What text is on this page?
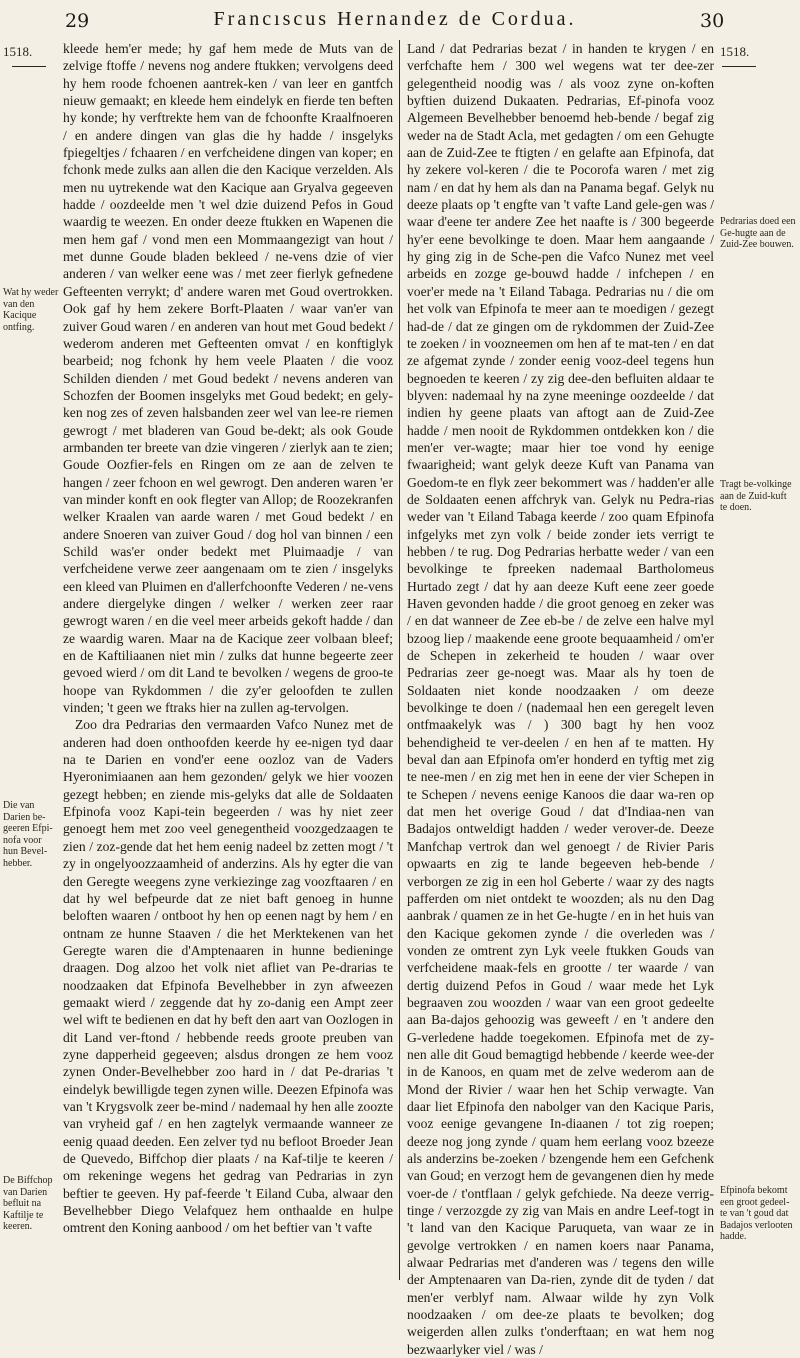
29	Francıscus Hernandez de Cordua.	30
1518.
Wat hy weder van den Kacique ontfing.
Die van Darien be-geeren Efpi-nofa voor hun Bevel-hebber.
De Biffchop van Darien befluit na Kaftilje te keeren.
1518.
Pedrarias doed een Ge-hugte aan de Zuid-Zee bouwen.
Tragt be-volkinge aan de Zuid-kuft te doen.
Efpinofa bekomt een groot gedeel-te van 't goud dat Badajos verlooten hadde.

kleede hem'er mede; hy gaf hem mede de Muts van de zelvige ftoffe / nevens nog andere ftukken; vervolgens deed hy hem roode fchoenen aantrek-ken / van leer en gantfch nieuw gemaakt; en kleede hem eindelyk en fierde ten beften hy konde; hy verftrekte hem van de fchoonfte Kraalfnoeren / en andere dingen van glas die hy hadde / insgelyks fpiegeltjes / fchaaren / en verfcheidene dingen van koper; en fchonk mede zulks aan allen die den Kacique verzelden. Als men nu uytrekende wat den Kacique aan Gryalva gegeeven hadde / oozdeelde men 't wel dzie duizend Pefos in Goud waardig te weezen. En onder deeze ftukken en Wapenen die men hem gaf / vond men een Mommaangezigt van hout / met dunne Goude bladen bekleed / ne-vens dzie of vier anderen / van welker eene was / met zeer fierlyk gefnedene Gefteenten verrykt; d' andere waren met Goud overtrokken. Ook gaf hy hem zekere Borft-Plaaten / waar van'er van zuiver Goud waren / en anderen van hout met Goud bedekt / wederom anderen met Gefteenten omvat / en konftiglyk bearbeid; nog fchonk hy hem veele Plaaten / die vooz Schilden dienden / met Goud bedekt / nevens anderen van Schozfen der Boomen insgelyks met Goud bedekt; en gely-ken nog zes of zeven halsbanden zeer wel van lee-re riemen gewrogt / met bladeren van Goud be-dekt; als ook Goude armbanden ter breete van dzie vingeren / zierlyk aan te zien; Goude Oozfier-fels en Ringen om ze aan de zelven te hangen / zeer fchoon en wel gewrogt. Den anderen waren 'er van minder konft en ook flegter van Allop; de Roozekranfen welker Kraalen van aarde waren / met Goud bedekt / en andere Snoeren van zuiver Goud / dog hol van binnen / een Schild was'er onder bedekt met Pluimaadje / van verfcheidene verwe zeer aangenaam om te zien / insgelyks een kleed van Pluimen en d'allerfchoonfte Vederen / ne-vens andere diergelyke dingen / welker / werken zeer raar gewrogt waren / en die veel meer arbeids gekoft hadde / dan ze waardig waren. Maar na de Kacique zeer volbaan bleef; en de Kaftiliaanen niet min / zulks dat hunne begeerte zeer gevoed wierd / om dit Land te bevolken / wegens de groo-te hoope van Rykdommen / die zy'er geloofden te zullen vinden; 't geen we ftraks hier na zullen ag-tervolgen.

Zoo dra Pedrarias den vermaarden Vafco Nunez met de anderen had doen onthoofden keerde hy ee-nigen tyd daar na te Darien en vond'er eene oozloz van de Vaders Hyeronimiaanen aan hem gezonden/ gelyk we hier voozen gezegt hebben; en ziende mis-gelyks dat alle de Soldaaten Efpinofa vooz Kapi-tein begeerden / was hy niet zeer genoegt hem met zoo veel genegentheid voozgedzaagen te zien / zoz-gende dat het hem eenig nadeel bz zetten mogt / 't zy in ongelyoozzaamheid of anderzins. Als hy egter die van den Geregte weegens zyne verkiezinge zag voozftaaren / en dat hy wel befpeurde dat ze niet baft genoeg in hunne beloften waaren / ontboot hy hen op eenen nagt by hem / en ontnam ze hunne Staaven / die het Merktekenen van het Geregte waren die d'Amptenaaren in hunne bedieninge draagen. Dog alzoo het volk niet afliet van Pe-drarias te noodzaaken dat Efpinofa Bevelhebber in zyn afweezen gemaakt wierd / zeggende dat hy zo-danig een Ampt zeer wel wift te bedienen en dat hy beft den aart van Oozlogen in dit Land ver-ftond / hebbende reeds groote preuben van zyne dapperheid gegeeven; alsdus drongen ze hem vooz zynen Onder-Bevelhebber zoo hard in / dat Pe-drarias 't eindelyk bewilligde tegen zynen wille. Deezen Efpinofa was van 't Krygsvolk zeer be-mind / nademaal hy hen alle zoozte van vryheid gaf / en hen zagtelyk vermaande wanneer ze eenig quaad deeden. Een zelver tyd nu befloot Broeder Jean de Quevedo, Biffchop dier plaats / na Kaf-tilje te keeren / om rekeninge wegens het gedrag van Pedrarias in zyn beftier te geeven. Hy paf-feerde 't Eiland Cuba, alwaar den Bevelhebber Diego Velafquez hem onthaalde en hulpe omtrent den Koning aanbood / om het beftier van 't vafte

Land / dat Pedrarias bezat / in handen te krygen / en verfchafte hem / 300 wel wegens wat ter dee-zer gelegentheid noodig was / als vooz zyne on-koften byftien duizend Dukaaten. Pedrarias, Ef-pinofa vooz Algemeen Bevelhebber benoemd heb-bende / begaf zig weder na de Stadt Acla, met gedagten / om een Gehugte aan de Zuid-Zee te ftigten / en gelafte aan Efpinofa, dat hy zekere vol-keren / die te Pocorofa waren / met zig nam / en dat hy hem als dan na Panama begaf. Gelyk nu deeze plaats op 't engfte van 't vafte Land gele-gen was / waar d'eene ter andere Zee het naafte is / 300 begeerde hy'er eene bevolkinge te doen. Maar hem aangaande / hy ging zig in de Sche-pen die Vafco Nunez met veel arbeids en zozge ge-bouwd hadde / infchepen / en voer'er mede na 't Eiland Tabaga. Pedrarias nu / die om het volk van Efpinofa te meer aan te moedigen / gezegt had-de / dat ze gingen om de rykdommen der Zuid-Zee te zoeken / in voozneemen om hen af te mat-ten / en dat ze afgemat zynde / zonder eenig vooz-deel tegens hun begnoeden te keeren / zy zig dee-den befluiten aldaar te blyven: nademaal hy na zyne meeninge oozdeelde / dat indien hy geene plaats van aftogt aan de Zuid-Zee hadde / men nooit de Rykdommen ontdekken kon / die men'er ver-wagte; maar hier toe vond hy eenige fwaarigheid; want gelyk deeze Kuft van Panama van Goedom-te en flyk zeer bekommert was / hadden'er alle de Soldaaten eenen affchryk van. Gelyk nu Pedra-rias weder van 't Eiland Tabaga keerde / zoo quam Efpinofa infgelyks met zyn volk / beide zonder iets verrigt te hebben / te rug. Dog Pedrarias herbatte weder / van een bevolkinge te fpreeken nademaal Bartholomeus Hurtado zegt / dat hy aan deeze Kuft eene zeer goede Haven gevonden hadde / die groot genoeg en zeker was / en dat wanneer de Zee eb-be / de zelve een halve myl bzoog liep / maakende eene groote bequaamheid / om'er de Schepen in zekerheid te houden / waar over Pedrarias zeer ge-noegt was. Maar als hy toen de Soldaaten niet konde noodzaaken / om deeze bevolkinge te doen / (nademaal hen een geregelt leven ontfmaakelyk was / ) 300 bagt hy hen vooz behendigheid te ver-deelen / en hen af te matten. Hy beval dan aan Efpinofa om'er honderd en tyftig met zig te nee-men / en zig met hen in eene der vier Schepen in te Schepen / nevens eenige Kanoos die daar wa-ren op dat men het overige Goud / dat d'Indiaa-nen van Badajos ontweldigt hadden / weder verover-de. Deeze Manfchap vertrok dan wel genoegt / de Rivier Paris opwaarts en zig te lande begeeven heb-bende / verborgen ze zig in een hol Geberte / waar zy des nagts pafferden om niet ontdekt te woozden; als nu den Dag aanbrak / quamen ze in het Ge-hugte / en in het huis van den Kacique gekomen zynde / die overleden was / vonden ze omtrent zyn Lyk veele ftukken Gouds van verfcheidene maak-fels en grootte / ter waarde / van dertig duizend Pefos in Goud / waar mede het Lyk begraaven zou woozden / waar van een groot gedeelte aan Ba-dajos gehoozig was geweeft / en 't andere den G-verledene hadde toegekomen. Efpinofa met de zy-nen alle dit Goud bemagtigd hebbende / keerde wee-der in de Kanoos, en quam met de zelve wederom aan de Mond der Rivier / waar hen het Schip verwagte. Van daar liet Efpinofa den nabolger van den Kacique Paris, vooz eenige gevangene In-diaanen / tot zig roepen; deeze nog jong zynde / quam hem eerlang vooz bzeeze als anderzins be-zoeken / bzengende hem een Gefchenk van Goud; en verzogt hem de gevangenen dien hy mede voer-de / t'ontflaan / gelyk gefchiede. Na deeze verrig-tinge / verzozgde zy zig van Mais en andre Leef-togt in 't land van den Kacique Paruqueta, van waar ze in gevolge vertrokken / en namen koers naar Panama, alwaar Pedrarias met d'anderen was / tegens den wille der Amptenaaren van Da-rien, zynde dit de tyden / dat men'er verblyf nam. Alwaar wilde hy zyn Volk noodzaaken / om dee-ze plaats te bevolken; dog weigerden allen zulks t'onderftaan; en wat hem nog bezwaarlyker viel / was /
